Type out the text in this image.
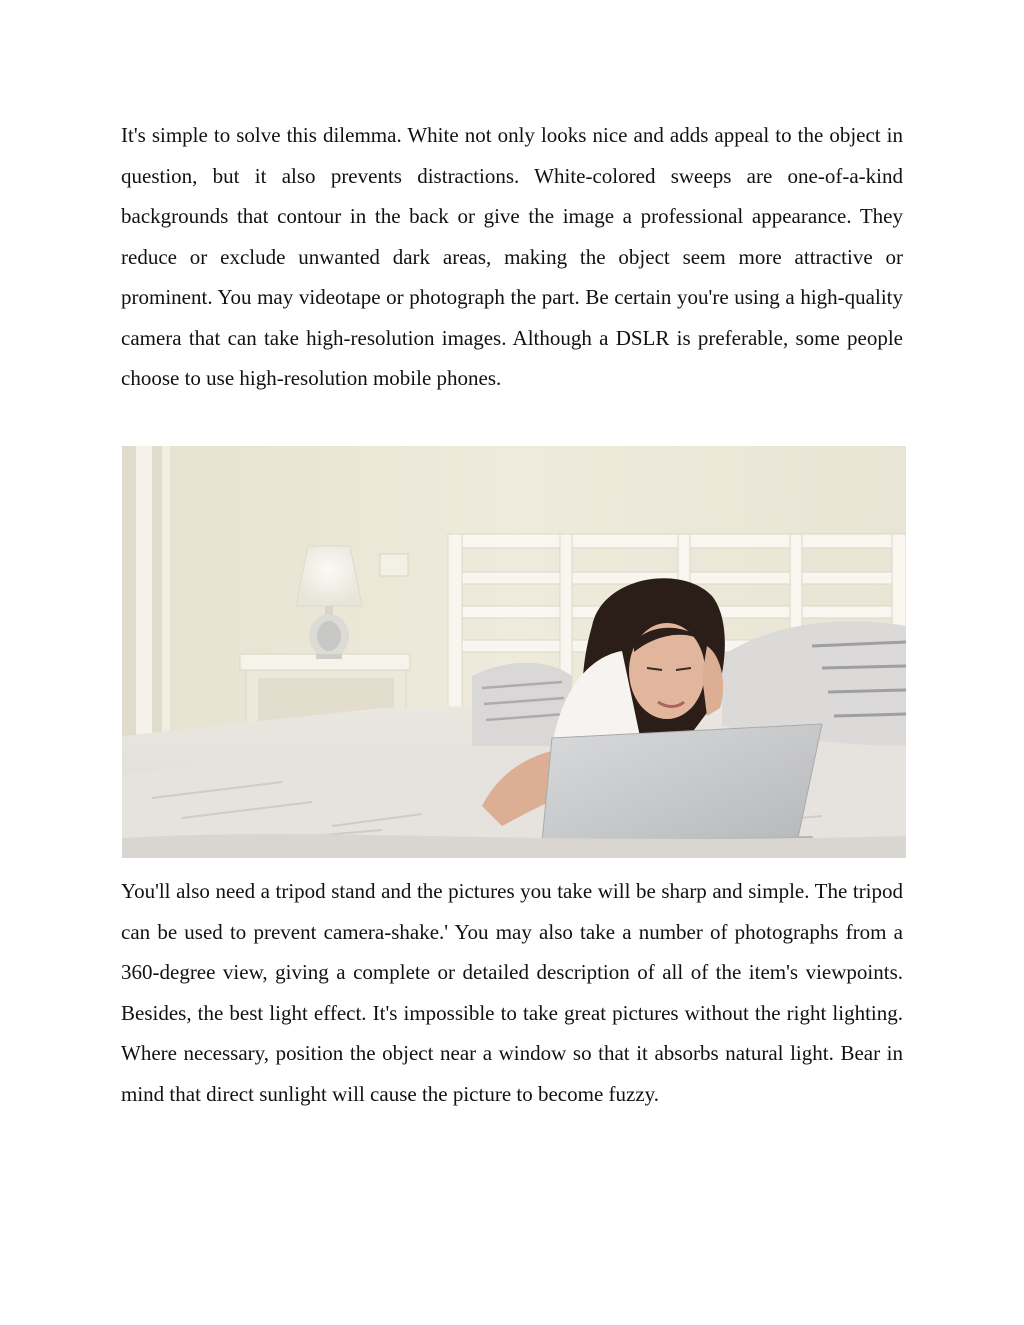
It's simple to solve this dilemma. White not only looks nice and adds appeal to the object in question, but it also prevents distractions. White-colored sweeps are one-of-a-kind backgrounds that contour in the back or give the image a professional appearance. They reduce or exclude unwanted dark areas, making the object seem more attractive or prominent. You may videotape or photograph the part. Be certain you're using a high-quality camera that can take high-resolution images. Although a DSLR is preferable, some people choose to use high-resolution mobile phones.

You'll also need a tripod stand and the pictures you take will be sharp and simple. The tripod can be used to prevent camera-shake.' You may also take a number of photographs from a 360-degree view, giving a complete or detailed description of all of the item's viewpoints. Besides, the best light effect. It's impossible to take great pictures without the right lighting. Where necessary, position the object near a window so that it absorbs natural light. Bear in mind that direct sunlight will cause the picture to become fuzzy.
